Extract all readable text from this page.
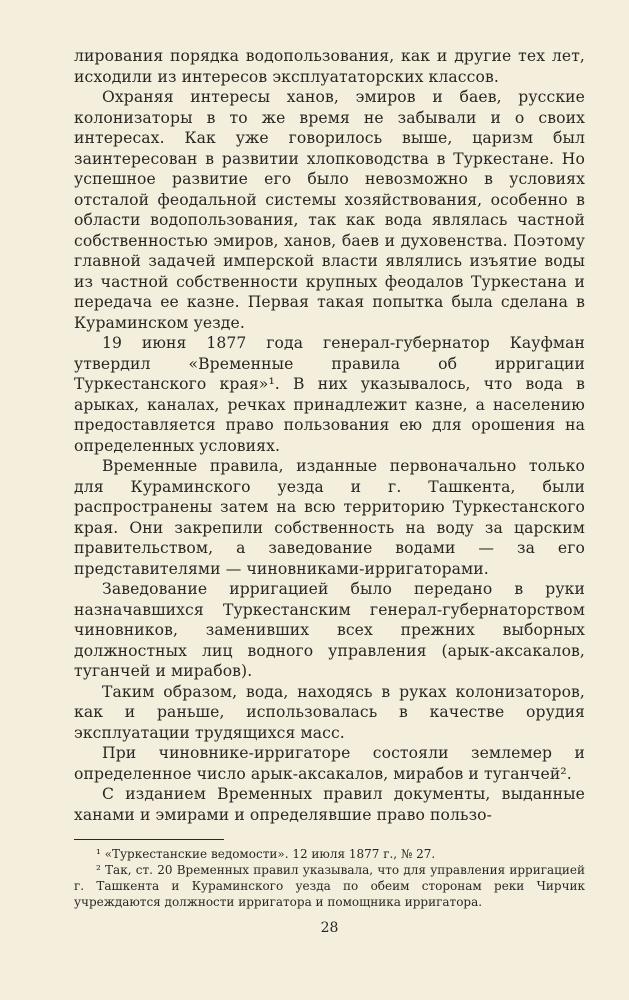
лирования порядка водопользования, как и другие тех лет, исходили из интересов эксплуататорских классов.

Охраняя интересы ханов, эмиров и баев, русские колонизаторы в то же время не забывали и о своих интересах. Как уже говорилось выше, царизм был заинтересован в развитии хлопководства в Туркестане. Но успешное развитие его было невозможно в условиях отсталой феодальной системы хозяйствования, особенно в области водопользования, так как вода являлась частной собственностью эмиров, ханов, баев и духовенства. Поэтому главной задачей имперской власти являлись изъятие воды из частной собственности крупных феодалов Туркестана и передача ее казне. Первая такая попытка была сделана в Кураминском уезде.

19 июня 1877 года генерал-губернатор Кауфман утвердил «Временные правила об ирригации Туркестанского края»¹. В них указывалось, что вода в арыках, каналах, речках принадлежит казне, а населению предоставляется право пользования ею для орошения на определенных условиях.

Временные правила, изданные первоначально только для Кураминского уезда и г. Ташкента, были распространены затем на всю территорию Туркестанского края. Они закрепили собственность на воду за царским правительством, а заведование водами — за его представителями — чиновниками-ирригаторами.

Заведование ирригацией было передано в руки назначавшихся Туркестанским генерал-губернаторством чиновников, заменивших всех прежних выборных должностных лиц водного управления (арык-аксакалов, туганчей и мирабов).

Таким образом, вода, находясь в руках колонизаторов, как и раньше, использовалась в качестве орудия эксплуатации трудящихся масс.

При чиновнике-ирригаторе состояли землемер и определенное число арык-аксакалов, мирабов и туганчей².

С изданием Временных правил документы, выданные ханами и эмирами и определявшие право пользо-

¹ «Туркестанские ведомости». 12 июля 1877 г., № 27.

² Так, ст. 20 Временных правил указывала, что для управления ирригацией г. Ташкента и Кураминского уезда по обеим сторонам реки Чирчик учреждаются должности ирригатора и помощника ирригатора.

28
